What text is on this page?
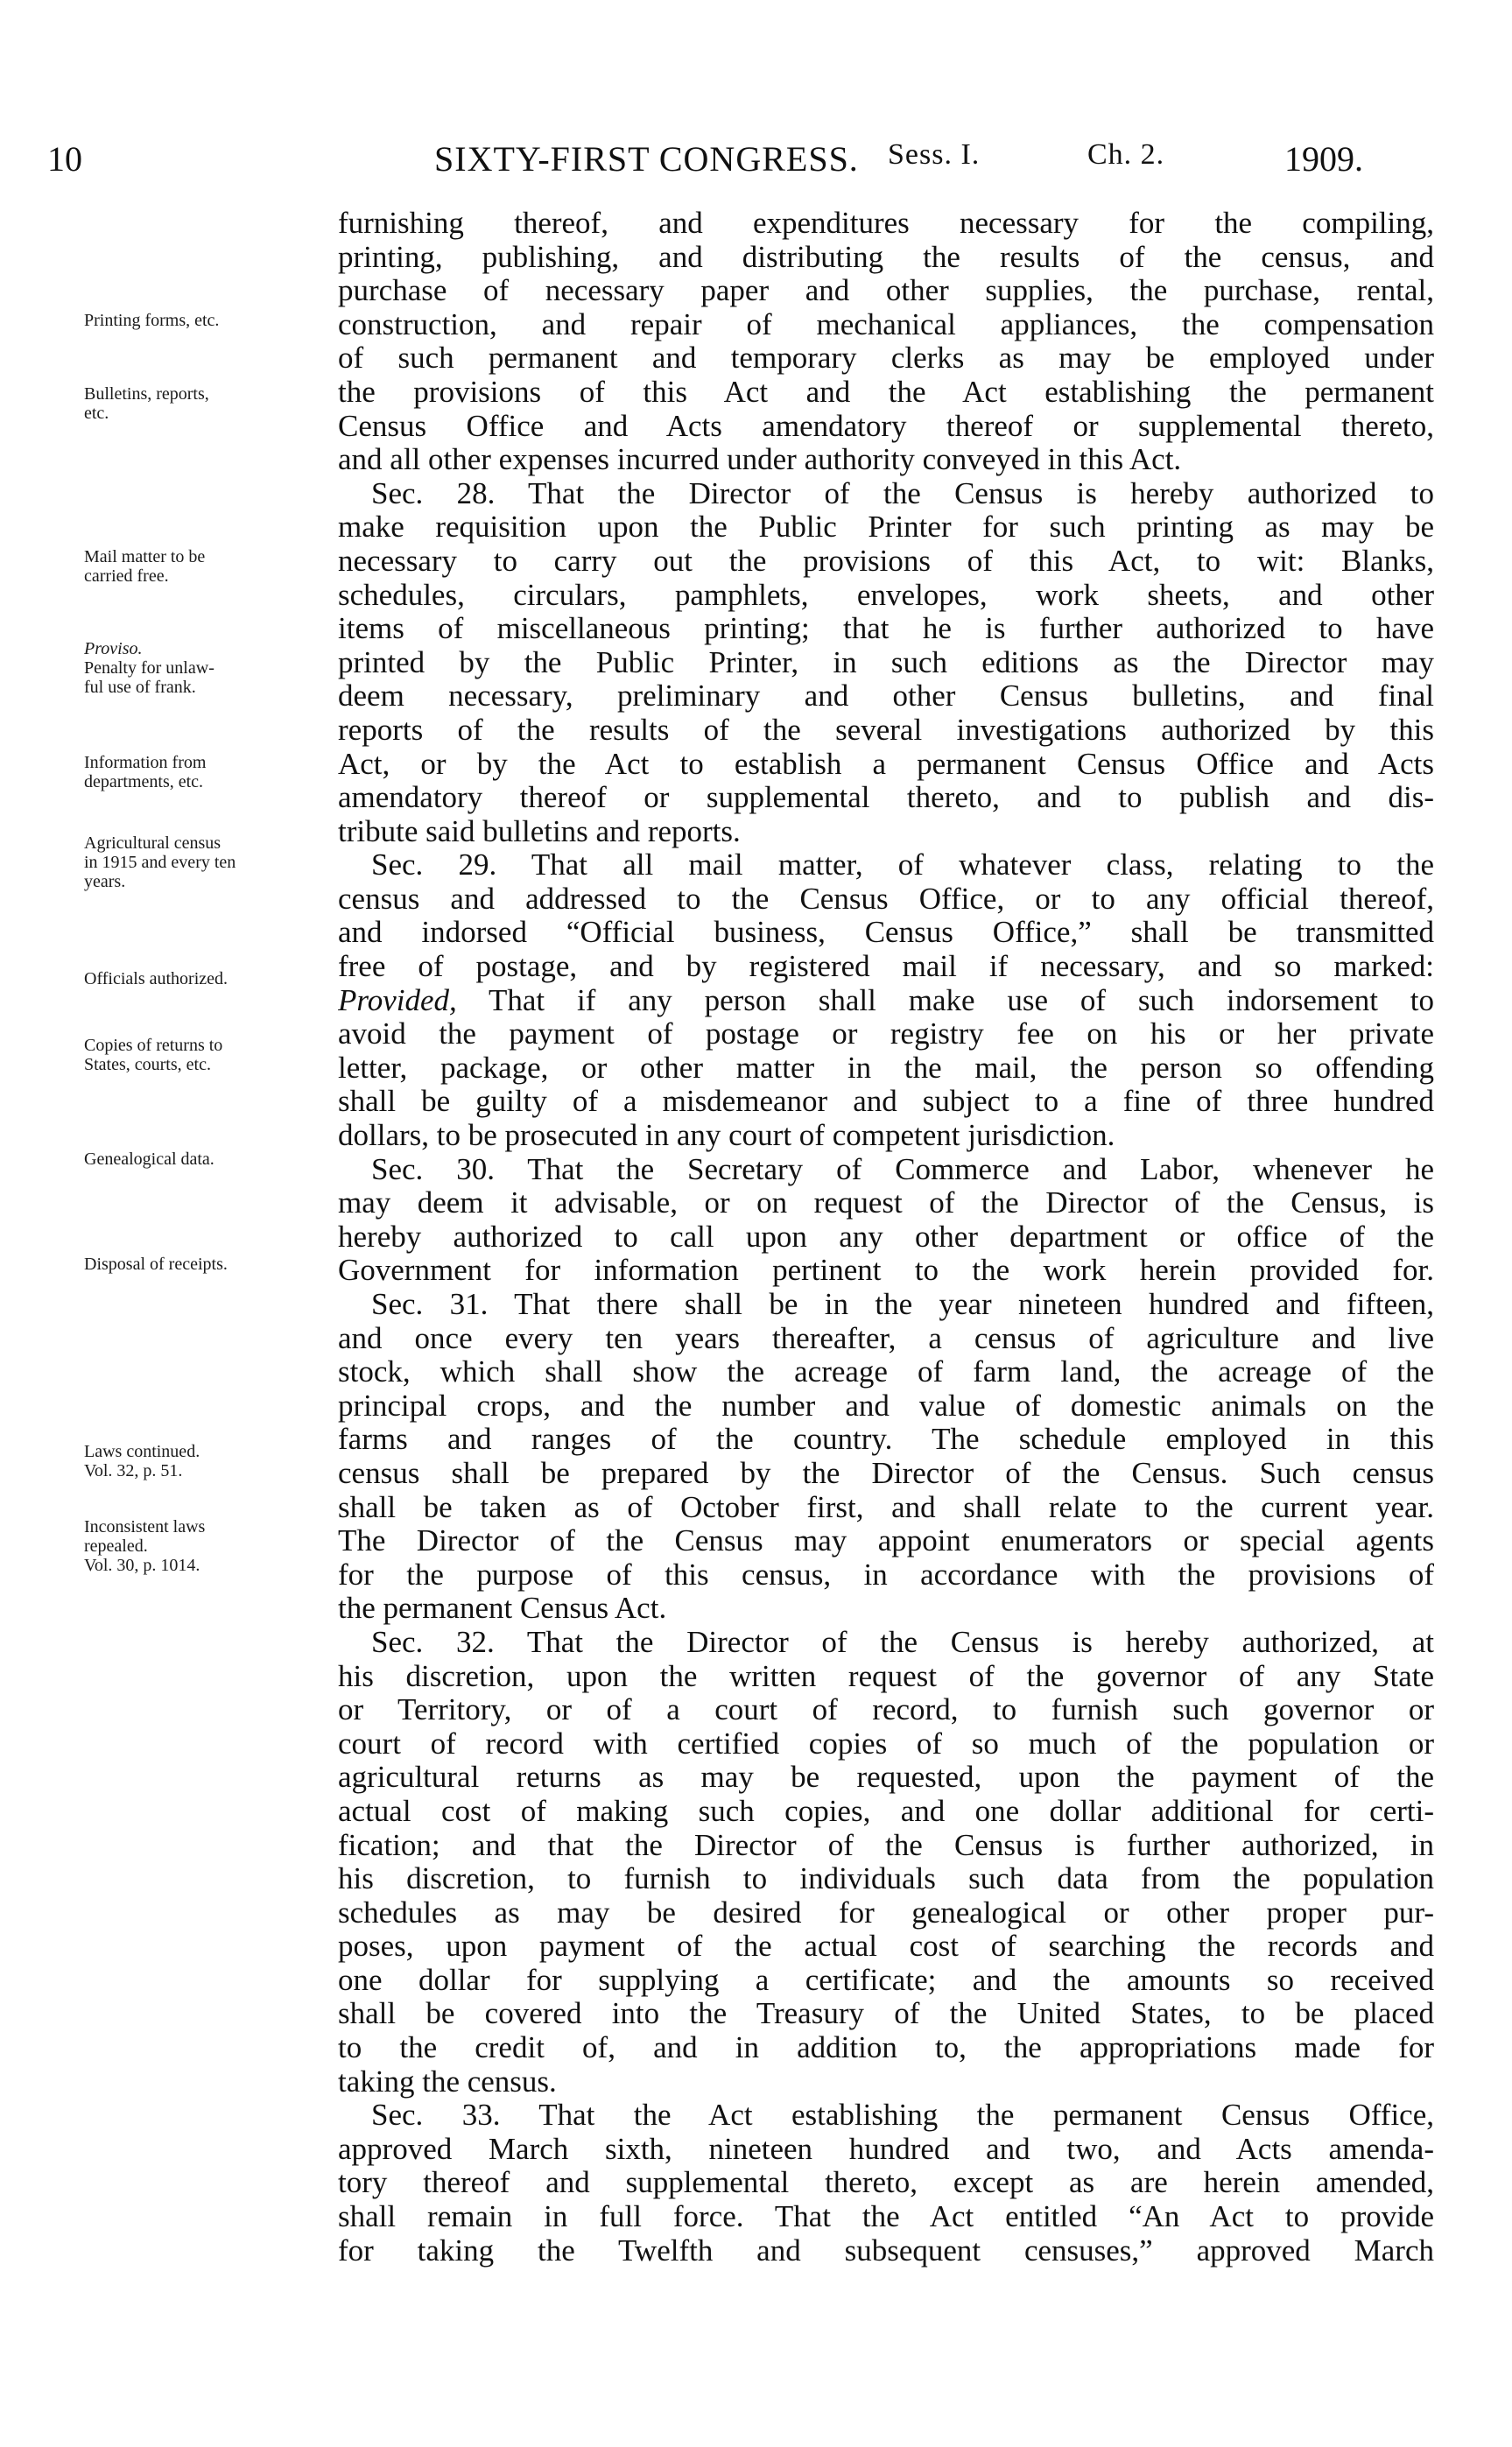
10	SIXTY-FIRST CONGRESS. Sess. I.	Ch. 2.	1909.
furnishing thereof, and expenditures necessary for the compiling,
printing, publishing, and distributing the results of the census, and
purchase of necessary paper and other supplies, the purchase, rental,
construction, and repair of mechanical appliances, the compensation
of such permanent and temporary clerks as may be employed under
the provisions of this Act and the Act establishing the permanent
Census Office and Acts amendatory thereof or supplemental thereto,
and all other expenses incurred under authority conveyed in this Act.
Sec. 28. That the Director of the Census is hereby authorized to
make requisition upon the Public Printer for such printing as may be
necessary to carry out the provisions of this Act, to wit: Blanks,
schedules, circulars, pamphlets, envelopes, work sheets, and other
items of miscellaneous printing; that he is further authorized to have
printed by the Public Printer, in such editions as the Director may
deem necessary, preliminary and other Census bulletins, and final
reports of the results of the several investigations authorized by this
Act, or by the Act to establish a permanent Census Office and Acts
amendatory thereof or supplemental thereto, and to publish and dis-
tribute said bulletins and reports.
Sec. 29. That all mail matter, of whatever class, relating to the
census and addressed to the Census Office, or to any official thereof,
and indorsed “Official business, Census Office,” shall be transmitted
free of postage, and by registered mail if necessary, and so marked:
Provided, That if any person shall make use of such indorsement to
avoid the payment of postage or registry fee on his or her private
letter, package, or other matter in the mail, the person so offending
shall be guilty of a misdemeanor and subject to a fine of three hundred
dollars, to be prosecuted in any court of competent jurisdiction.
Sec. 30. That the Secretary of Commerce and Labor, whenever he
may deem it advisable, or on request of the Director of the Census, is
hereby authorized to call upon any other department or office of the
Government for information pertinent to the work herein provided for.
Sec. 31. That there shall be in the year nineteen hundred and fifteen,
and once every ten years thereafter, a census of agriculture and live
stock, which shall show the acreage of farm land, the acreage of the
principal crops, and the number and value of domestic animals on the
farms and ranges of the country. The schedule employed in this
census shall be prepared by the Director of the Census. Such census
shall be taken as of October first, and shall relate to the current year.
The Director of the Census may appoint enumerators or special agents
for the purpose of this census, in accordance with the provisions of
the permanent Census Act.
Sec. 32. That the Director of the Census is hereby authorized, at
his discretion, upon the written request of the governor of any State
or Territory, or of a court of record, to furnish such governor or
court of record with certified copies of so much of the population or
agricultural returns as may be requested, upon the payment of the
actual cost of making such copies, and one dollar additional for certi-
fication; and that the Director of the Census is further authorized, in
his discretion, to furnish to individuals such data from the population
schedules as may be desired for genealogical or other proper pur-
poses, upon payment of the actual cost of searching the records and
one dollar for supplying a certificate; and the amounts so received
shall be covered into the Treasury of the United States, to be placed
to the credit of, and in addition to, the appropriations made for
taking the census.
Sec. 33. That the Act establishing the permanent Census Office,
approved March sixth, nineteen hundred and two, and Acts amenda-
tory thereof and supplemental thereto, except as are herein amended,
shall remain in full force. That the Act entitled “An Act to provide
for taking the Twelfth and subsequent censuses,” approved March
Printing forms, etc.
Bulletins, reports,
etc.
Mail matter to be
carried free.
Proviso.
Penalty for unlaw-
ful use of frank.
Information from
departments, etc.
Agricultural census
in 1915 and every ten
years.
Officials authorized.
Copies of returns to
States, courts, etc.
Genealogical data.
Disposal of receipts.
Laws continued.
Vol. 32, p. 51.
Inconsistent laws
repealed.
Vol. 30, p. 1014.
